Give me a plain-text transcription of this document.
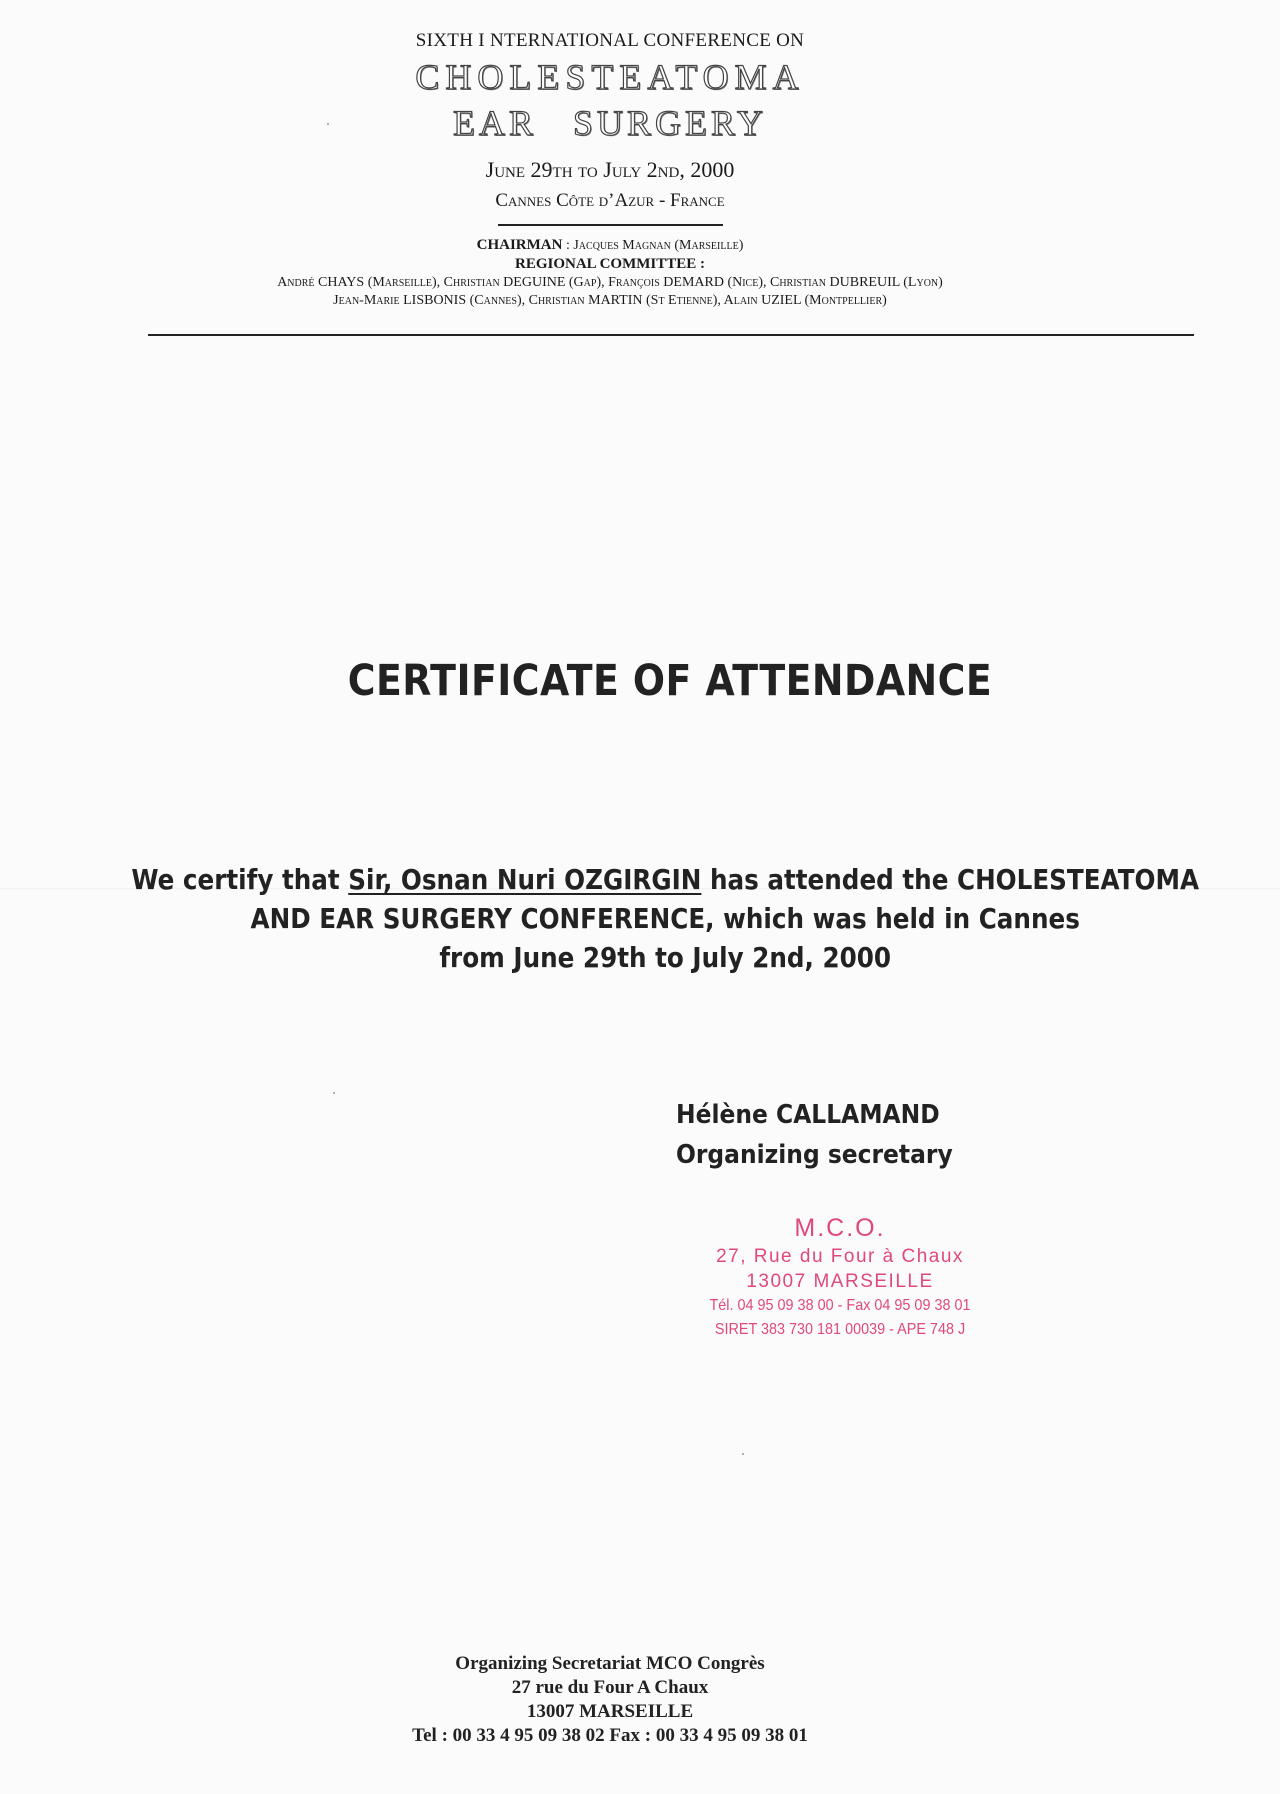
SIXTH I NTERNATIONAL CONFERENCE ON
CHOLESTEATOMA
EAR SURGERY
June 29th to July 2nd, 2000
Cannes Côte d’Azur - France
CHAIRMAN : Jacques Magnan (Marseille)
REGIONAL COMMITTEE :
André CHAYS (Marseille), Christian DEGUINE (Gap), François DEMARD (Nice), Christian DUBREUIL (Lyon)
Jean-Marie LISBONIS (Cannes), Christian MARTIN (St Etienne), Alain UZIEL (Montpellier)
CERTIFICATE OF ATTENDANCE
We certify that Sir, Osnan Nuri OZGIRGIN has attended the CHOLESTEATOMA AND EAR SURGERY CONFERENCE, which was held in Cannes
from June 29th to July 2nd, 2000
Hélène CALLAMAND
Organizing secretary
M.C.O.
27, Rue du Four à Chaux
13007 MARSEILLE
Tél. 04 95 09 38 00 - Fax 04 95 09 38 01
SIRET 383 730 181 00039 - APE 748 J
Organizing Secretariat MCO Congrès
27 rue du Four A Chaux
13007 MARSEILLE
Tel : 00 33 4 95 09 38 02 Fax : 00 33 4 95 09 38 01
